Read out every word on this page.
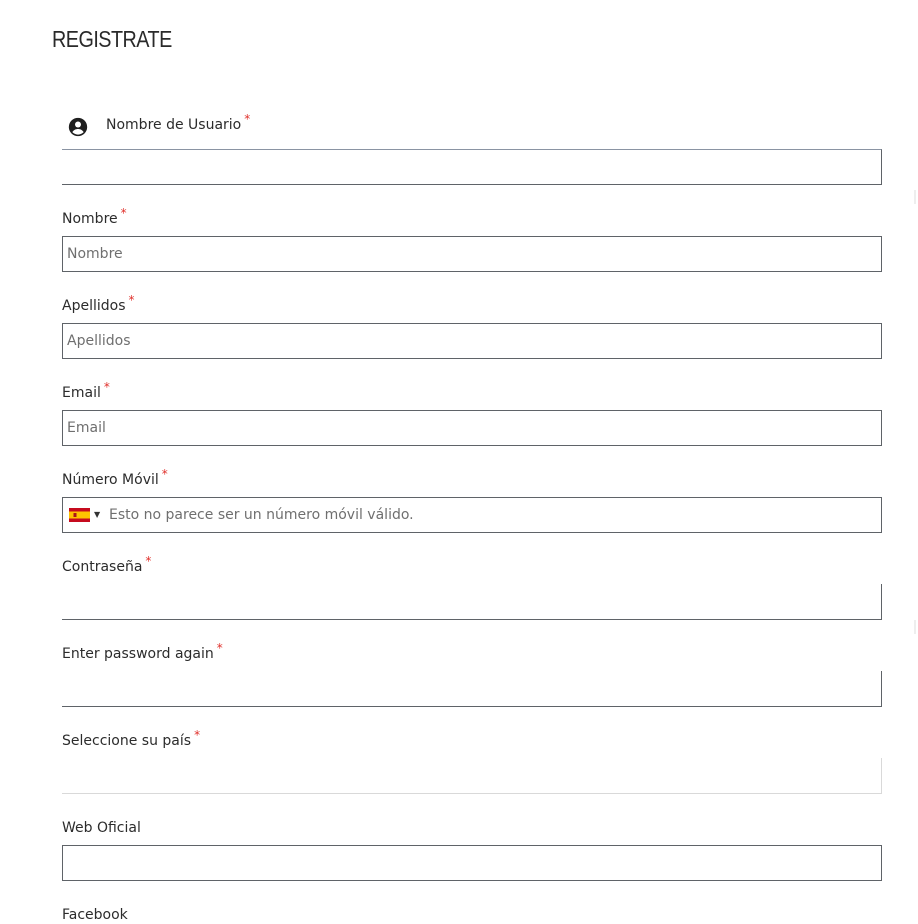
REGISTRATE
Nombre de Usuario *
Nombre *
Nombre
Apellidos *
Apellidos
Email *
Email
Número Móvil *
▼
Esto no parece ser un número móvil válido.
Contraseña *
Enter password again *
Seleccione su país *
Web Oficial
Facebook
